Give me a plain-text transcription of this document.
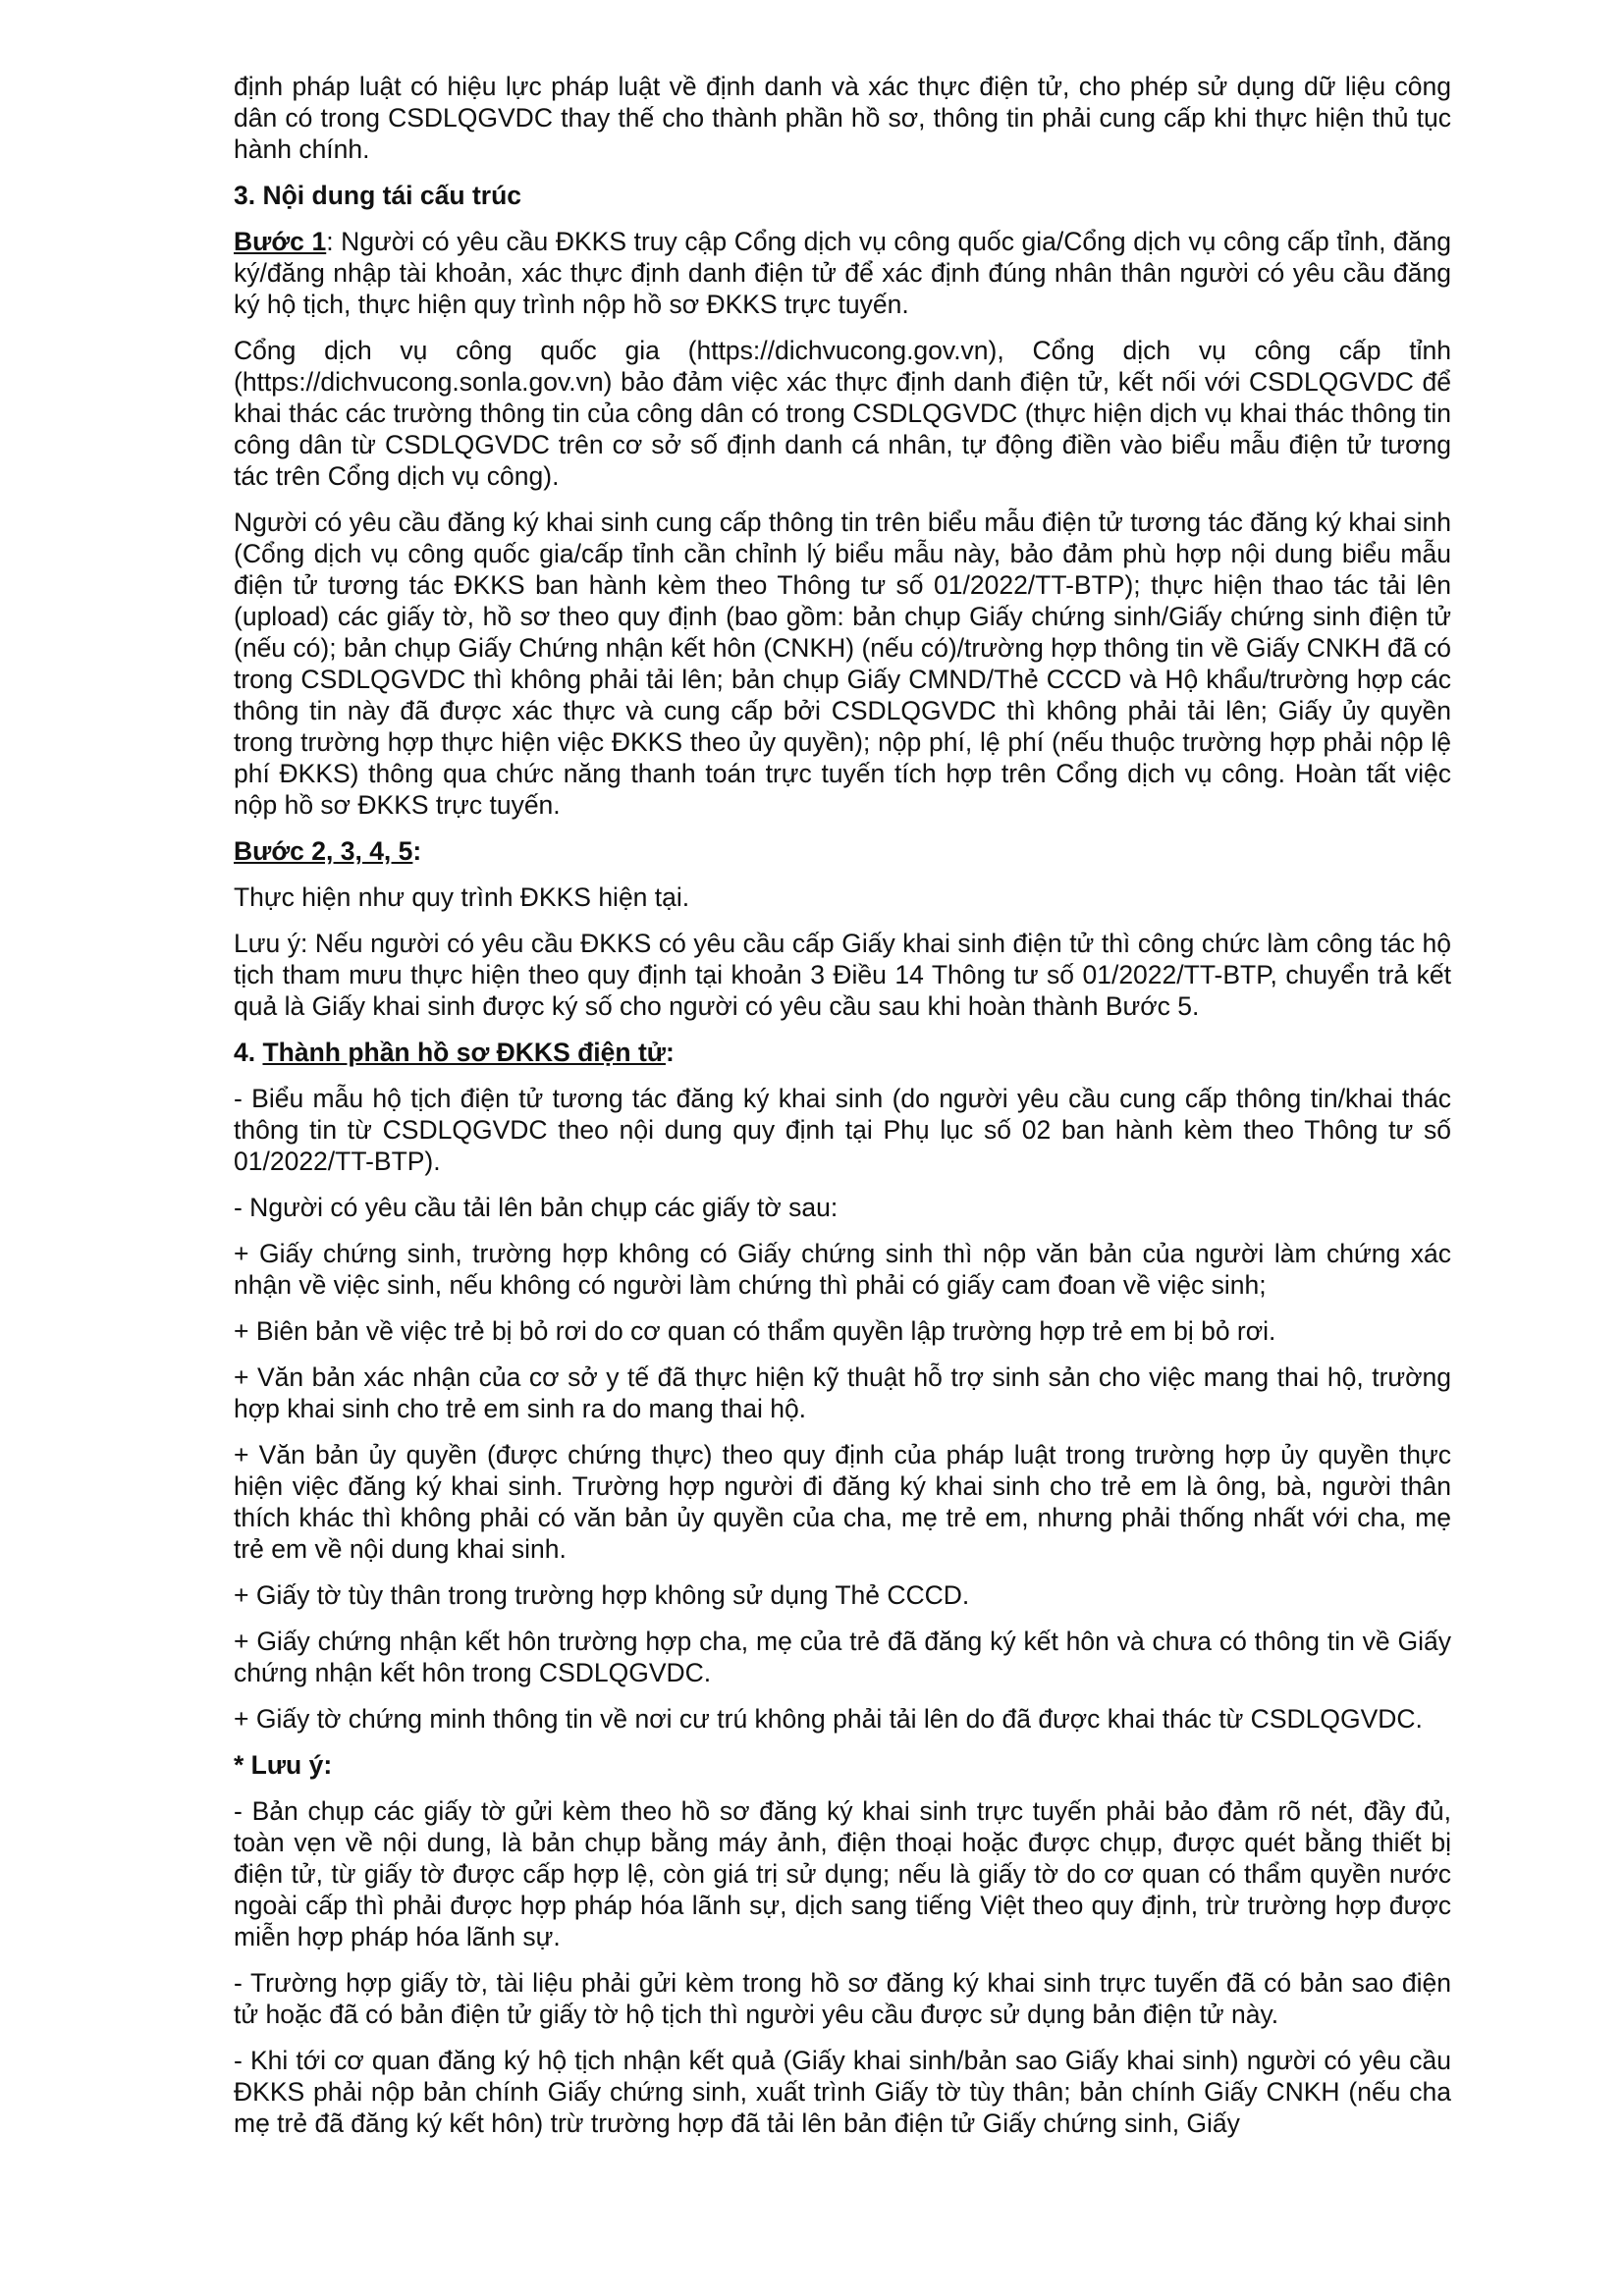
định pháp luật có hiệu lực pháp luật về định danh và xác thực điện tử, cho phép sử dụng dữ liệu công dân có trong CSDLQGVDC thay thế cho thành phần hồ sơ, thông tin phải cung cấp khi thực hiện thủ tục hành chính.

3. Nội dung tái cấu trúc

Bước 1: Người có yêu cầu ĐKKS truy cập Cổng dịch vụ công quốc gia/Cổng dịch vụ công cấp tỉnh, đăng ký/đăng nhập tài khoản, xác thực định danh điện tử để xác định đúng nhân thân người có yêu cầu đăng ký hộ tịch, thực hiện quy trình nộp hồ sơ ĐKKS trực tuyến.

Cổng dịch vụ công quốc gia (https://dichvucong.gov.vn), Cổng dịch vụ công cấp tỉnh (https://dichvucong.sonla.gov.vn) bảo đảm việc xác thực định danh điện tử, kết nối với CSDLQGVDC để khai thác các trường thông tin của công dân có trong CSDLQGVDC (thực hiện dịch vụ khai thác thông tin công dân từ CSDLQGVDC trên cơ sở số định danh cá nhân, tự động điền vào biểu mẫu điện tử tương tác trên Cổng dịch vụ công).

Người có yêu cầu đăng ký khai sinh cung cấp thông tin trên biểu mẫu điện tử tương tác đăng ký khai sinh (Cổng dịch vụ công quốc gia/cấp tỉnh cần chỉnh lý biểu mẫu này, bảo đảm phù hợp nội dung biểu mẫu điện tử tương tác ĐKKS ban hành kèm theo Thông tư số 01/2022/TT-BTP); thực hiện thao tác tải lên (upload) các giấy tờ, hồ sơ theo quy định (bao gồm: bản chụp Giấy chứng sinh/Giấy chứng sinh điện tử (nếu có); bản chụp Giấy Chứng nhận kết hôn (CNKH) (nếu có)/trường hợp thông tin về Giấy CNKH đã có trong CSDLQGVDC thì không phải tải lên; bản chụp Giấy CMND/Thẻ CCCD và Hộ khẩu/trường hợp các thông tin này đã được xác thực và cung cấp bởi CSDLQGVDC thì không phải tải lên; Giấy ủy quyền trong trường hợp thực hiện việc ĐKKS theo ủy quyền); nộp phí, lệ phí (nếu thuộc trường hợp phải nộp lệ phí ĐKKS) thông qua chức năng thanh toán trực tuyến tích hợp trên Cổng dịch vụ công. Hoàn tất việc nộp hồ sơ ĐKKS trực tuyến.

Bước 2, 3, 4, 5:

Thực hiện như quy trình ĐKKS hiện tại.

Lưu ý: Nếu người có yêu cầu ĐKKS có yêu cầu cấp Giấy khai sinh điện tử thì công chức làm công tác hộ tịch tham mưu thực hiện theo quy định tại khoản 3 Điều 14 Thông tư số 01/2022/TT-BTP, chuyển trả kết quả là Giấy khai sinh được ký số cho người có yêu cầu sau khi hoàn thành Bước 5.

4. Thành phần hồ sơ ĐKKS điện tử:

- Biểu mẫu hộ tịch điện tử tương tác đăng ký khai sinh (do người yêu cầu cung cấp thông tin/khai thác thông tin từ CSDLQGVDC theo nội dung quy định tại Phụ lục số 02 ban hành kèm theo Thông tư số 01/2022/TT-BTP).

- Người có yêu cầu tải lên bản chụp các giấy tờ sau:

+ Giấy chứng sinh, trường hợp không có Giấy chứng sinh thì nộp văn bản của người làm chứng xác nhận về việc sinh, nếu không có người làm chứng thì phải có giấy cam đoan về việc sinh;

+ Biên bản về việc trẻ bị bỏ rơi do cơ quan có thẩm quyền lập trường hợp trẻ em bị bỏ rơi.

+ Văn bản xác nhận của cơ sở y tế đã thực hiện kỹ thuật hỗ trợ sinh sản cho việc mang thai hộ, trường hợp khai sinh cho trẻ em sinh ra do mang thai hộ.

+ Văn bản ủy quyền (được chứng thực) theo quy định của pháp luật trong trường hợp ủy quyền thực hiện việc đăng ký khai sinh. Trường hợp người đi đăng ký khai sinh cho trẻ em là ông, bà, người thân thích khác thì không phải có văn bản ủy quyền của cha, mẹ trẻ em, nhưng phải thống nhất với cha, mẹ trẻ em về nội dung khai sinh.

+ Giấy tờ tùy thân trong trường hợp không sử dụng Thẻ CCCD.

+ Giấy chứng nhận kết hôn trường hợp cha, mẹ của trẻ đã đăng ký kết hôn và chưa có thông tin về Giấy chứng nhận kết hôn trong CSDLQGVDC.

+ Giấy tờ chứng minh thông tin về nơi cư trú không phải tải lên do đã được khai thác từ CSDLQGVDC.

* Lưu ý:

- Bản chụp các giấy tờ gửi kèm theo hồ sơ đăng ký khai sinh trực tuyến phải bảo đảm rõ nét, đầy đủ, toàn vẹn về nội dung, là bản chụp bằng máy ảnh, điện thoại hoặc được chụp, được quét bằng thiết bị điện tử, từ giấy tờ được cấp hợp lệ, còn giá trị sử dụng; nếu là giấy tờ do cơ quan có thẩm quyền nước ngoài cấp thì phải được hợp pháp hóa lãnh sự, dịch sang tiếng Việt theo quy định, trừ trường hợp được miễn hợp pháp hóa lãnh sự.

- Trường hợp giấy tờ, tài liệu phải gửi kèm trong hồ sơ đăng ký khai sinh trực tuyến đã có bản sao điện tử hoặc đã có bản điện tử giấy tờ hộ tịch thì người yêu cầu được sử dụng bản điện tử này.

- Khi tới cơ quan đăng ký hộ tịch nhận kết quả (Giấy khai sinh/bản sao Giấy khai sinh) người có yêu cầu ĐKKS phải nộp bản chính Giấy chứng sinh, xuất trình Giấy tờ tùy thân; bản chính Giấy CNKH (nếu cha mẹ trẻ đã đăng ký kết hôn) trừ trường hợp đã tải lên bản điện tử Giấy chứng sinh, Giấy
